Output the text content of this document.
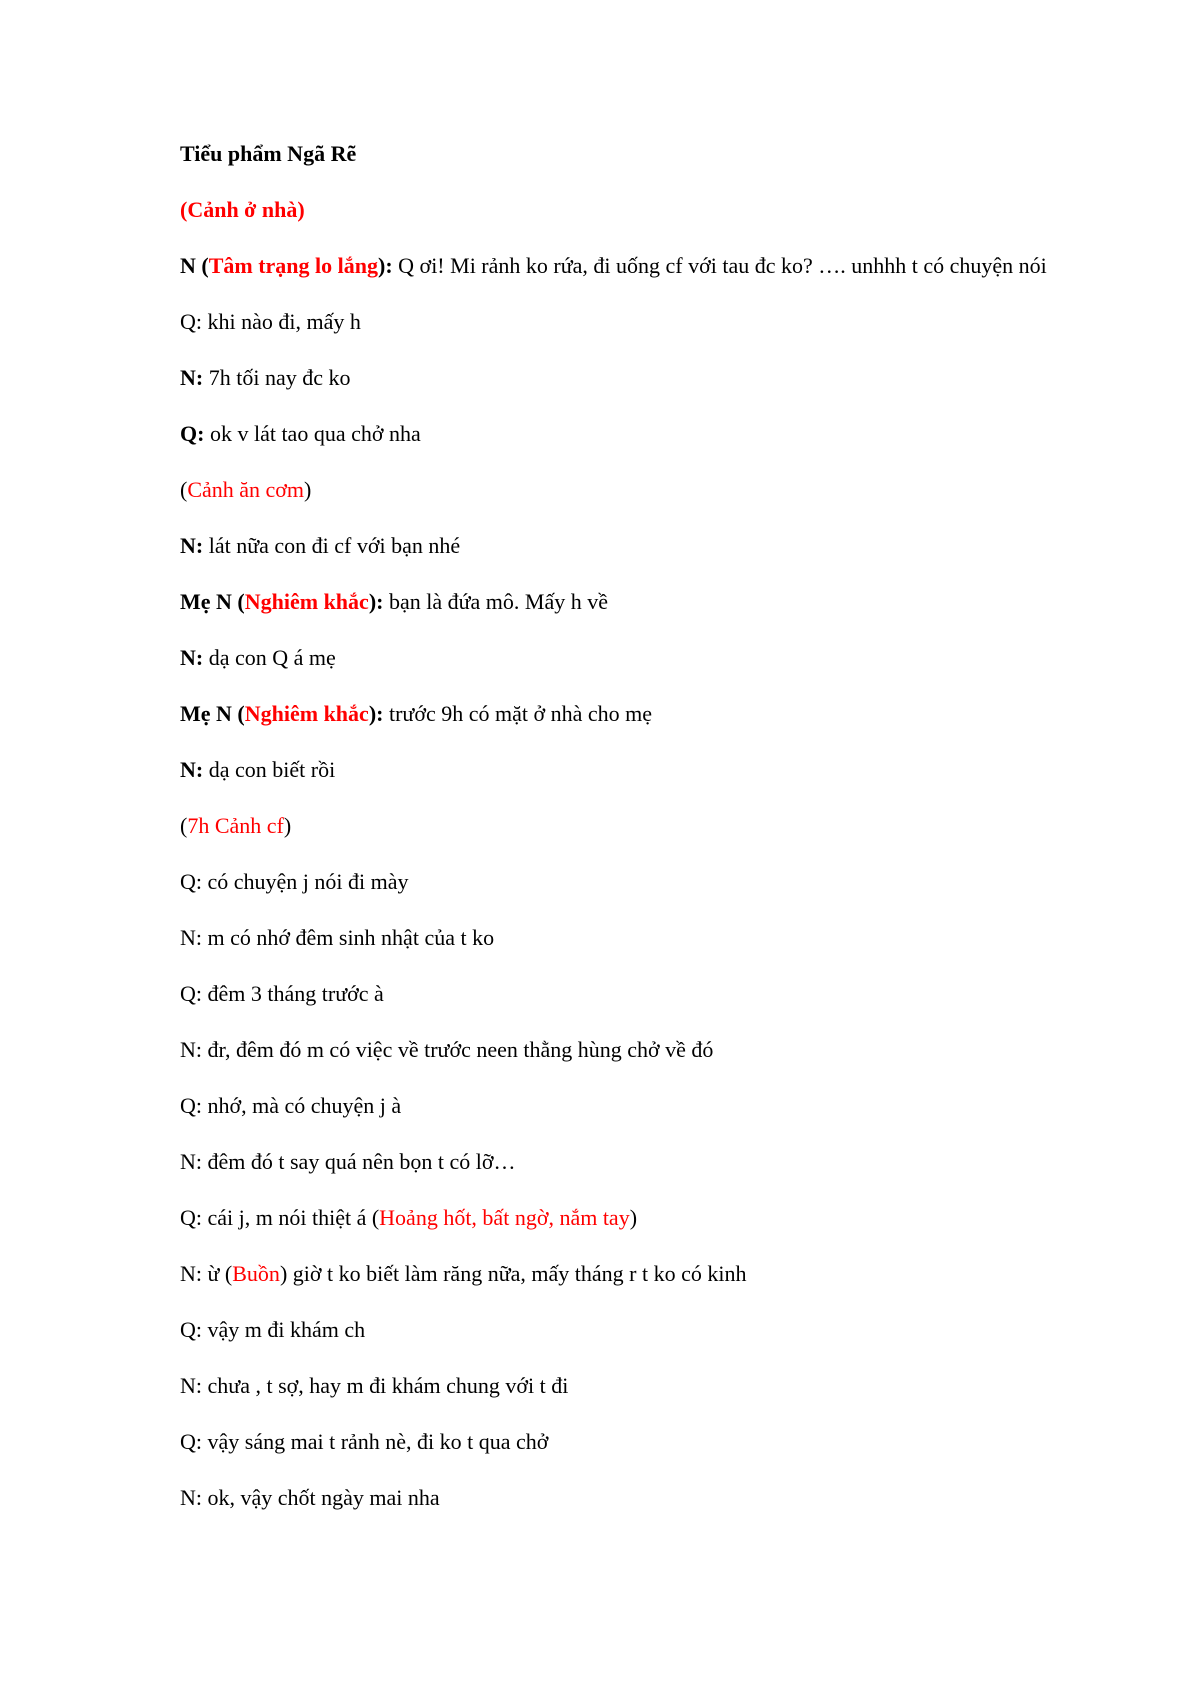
Tiểu phẩm Ngã Rẽ
(Cảnh ở nhà)
N (Tâm trạng lo lắng): Q ơi! Mi rảnh ko rứa, đi uống cf với tau đc ko? …. unhhh t có chuyện nói
Q: khi nào đi, mấy h
N: 7h tối nay đc ko
Q: ok v lát tao qua chở nha
(Cảnh ăn cơm)
N: lát nữa con đi cf với bạn nhé
Mẹ N (Nghiêm khắc): bạn là đứa mô. Mấy h về
N: dạ con Q á mẹ
Mẹ N (Nghiêm khắc): trước 9h có mặt ở nhà cho mẹ
N: dạ con biết rồi
(7h Cảnh cf)
Q: có chuyện j nói đi mày
N: m có nhớ đêm sinh nhật của t ko
Q: đêm 3 tháng trước à
N: đr, đêm đó m có việc về trước neen thằng hùng chở về đó
Q: nhớ, mà có chuyện j à
N: đêm đó t say quá nên bọn t có lỡ…
Q: cái j, m nói thiệt á (Hoảng hốt, bất ngờ, nắm tay)
N: ừ (Buồn) giờ t ko biết làm răng nữa, mấy tháng r t ko có kinh
Q: vậy m đi khám ch
N: chưa , t sợ, hay m đi khám chung với t đi
Q: vậy sáng mai t rảnh nè, đi ko t qua chở
N: ok, vậy chốt ngày mai nha
